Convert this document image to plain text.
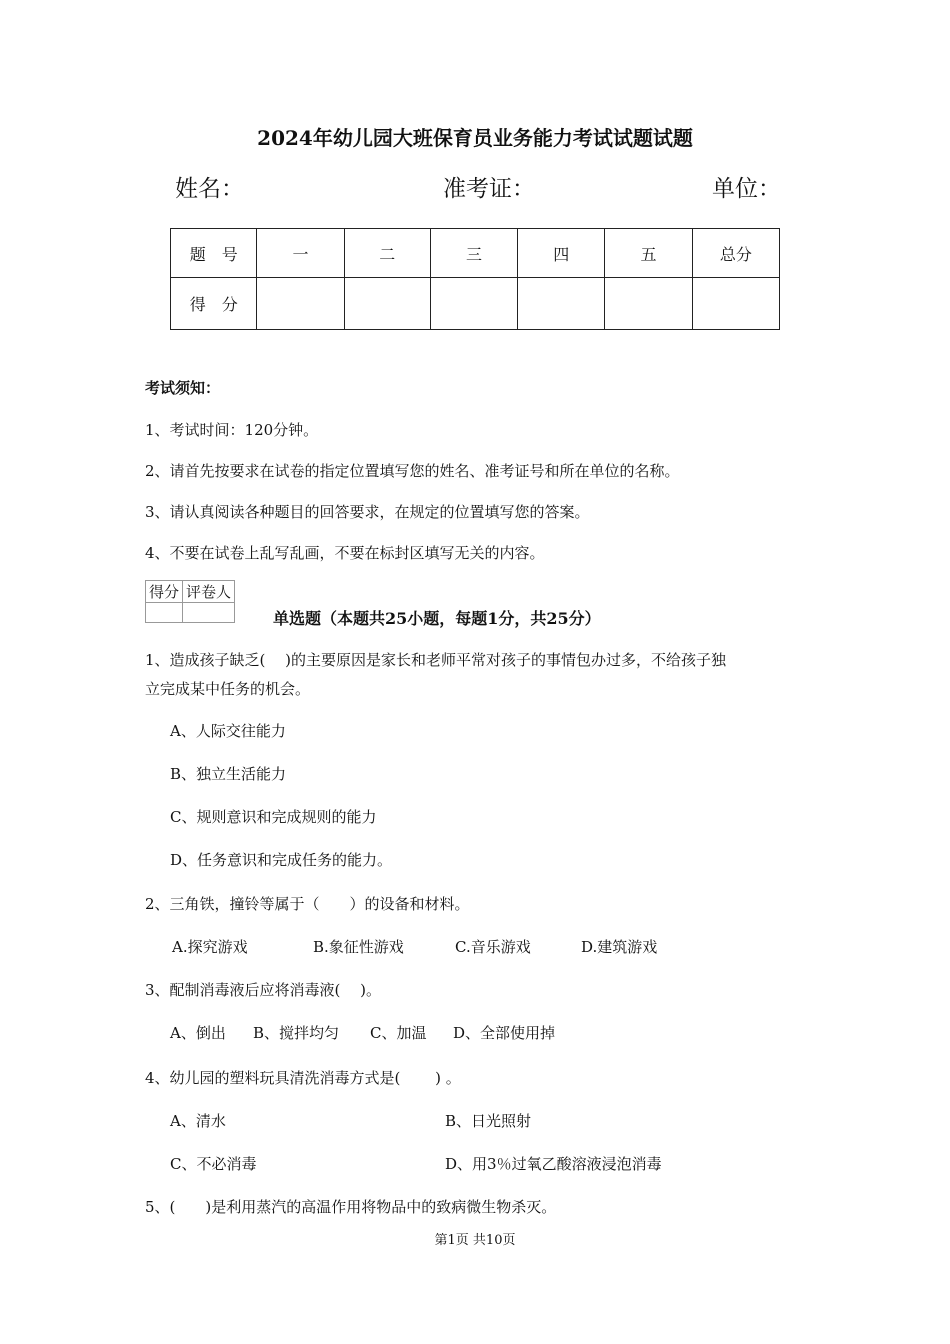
2024年幼儿园大班保育员业务能力考试试题试题
姓名：	准考证：	单位：
题　号	一	二	三	四	五	总分
得　分						
考试须知：
1、考试时间：120分钟。
2、请首先按要求在试卷的指定位置填写您的姓名、准考证号和所在单位的名称。
3、请认真阅读各种题目的回答要求，在规定的位置填写您的答案。
4、不要在试卷上乱写乱画，不要在标封区填写无关的内容。
得分	评卷人

单选题（本题共25小题，每题1分，共25分）
1、造成孩子缺乏(　 )的主要原因是家长和老师平常对孩子的事情包办过多，不给孩子独
立完成某中任务的机会。
A、人际交往能力
B、独立生活能力
C、规则意识和完成规则的能力
D、任务意识和完成任务的能力。
2、三角铁，撞铃等属于（　　）的设备和材料。
A.探究游戏	B.象征性游戏	C.音乐游戏	D.建筑游戏
3、配制消毒液后应将消毒液(　 )。
A、倒出 B、搅拌均匀 C、加温 D、全部使用掉
4、幼儿园的塑料玩具清洗消毒方式是(　　 ) 。
A、清水	B、日光照射
C、不必消毒	D、用3％过氧乙酸溶液浸泡消毒
5、(　　)是利用蒸汽的高温作用将物品中的致病微生物杀灭。
第1页 共10页
